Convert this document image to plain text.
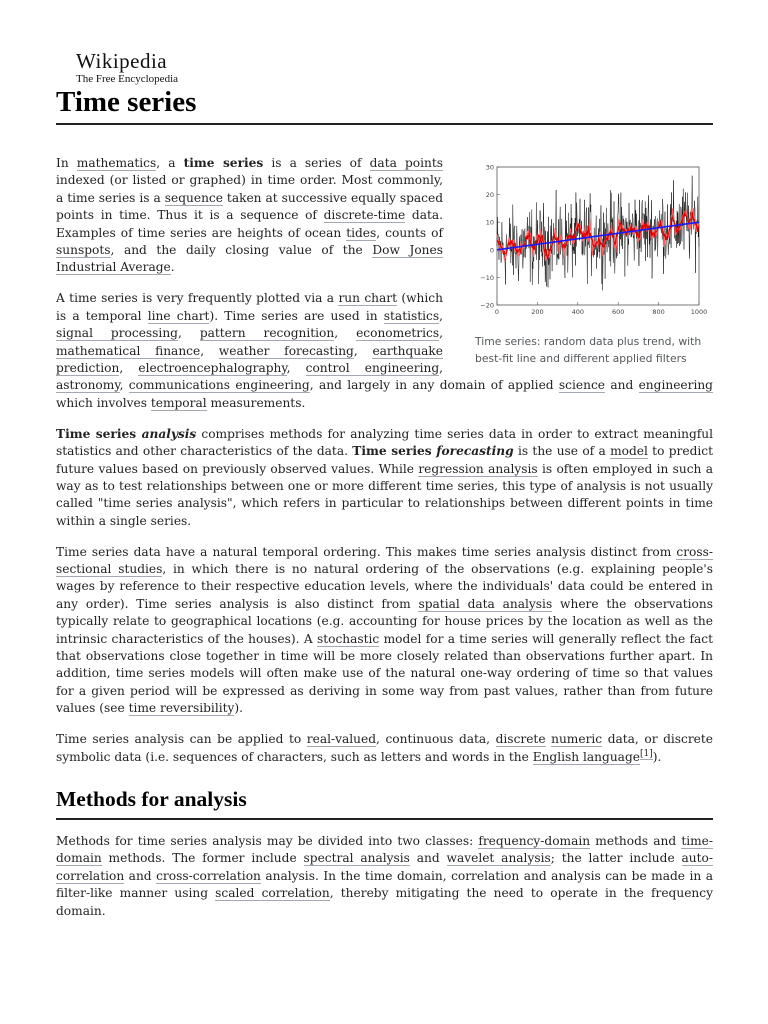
Wikipedia
The Free Encyclopedia
Time series
0	200	400	600	800	1000
−20
−10
0
10
20
30
Time series: random data plus trend, with best-fit line and different applied filters

In mathematics, a time series is a series of data points indexed (or listed or graphed) in time order. Most commonly, a time series is a sequence taken at successive equally spaced points in time. Thus it is a sequence of discrete-time data. Examples of time series are heights of ocean tides, counts of sunspots, and the daily closing value of the Dow Jones Industrial Average.

A time series is very frequently plotted via a run chart (which is a temporal line chart). Time series are used in statistics, signal processing, pattern recognition, econometrics, mathematical finance, weather forecasting, earthquake prediction, electroencephalography, control engineering, astronomy, communications engineering, and largely in any domain of applied science and engineering which involves temporal measurements.

Time series analysis comprises methods for analyzing time series data in order to extract meaningful statistics and other characteristics of the data. Time series forecasting is the use of a model to predict future values based on previously observed values. While regression analysis is often employed in such a way as to test relationships between one or more different time series, this type of analysis is not usually called "time series analysis", which refers in particular to relationships between different points in time within a single series.

Time series data have a natural temporal ordering. This makes time series analysis distinct from cross-sectional studies, in which there is no natural ordering of the observations (e.g. explaining people's wages by reference to their respective education levels, where the individuals' data could be entered in any order). Time series analysis is also distinct from spatial data analysis where the observations typically relate to geographical locations (e.g. accounting for house prices by the location as well as the intrinsic characteristics of the houses). A stochastic model for a time series will generally reflect the fact that observations close together in time will be more closely related than observations further apart. In addition, time series models will often make use of the natural one-way ordering of time so that values for a given period will be expressed as deriving in some way from past values, rather than from future values (see time reversibility).

Time series analysis can be applied to real-valued, continuous data, discrete numeric data, or discrete symbolic data (i.e. sequences of characters, such as letters and words in the English language[1]).

Methods for analysis

Methods for time series analysis may be divided into two classes: frequency-domain methods and time-domain methods. The former include spectral analysis and wavelet analysis; the latter include auto-correlation and cross-correlation analysis. In the time domain, correlation and analysis can be made in a filter-like manner using scaled correlation, thereby mitigating the need to operate in the frequency domain.
